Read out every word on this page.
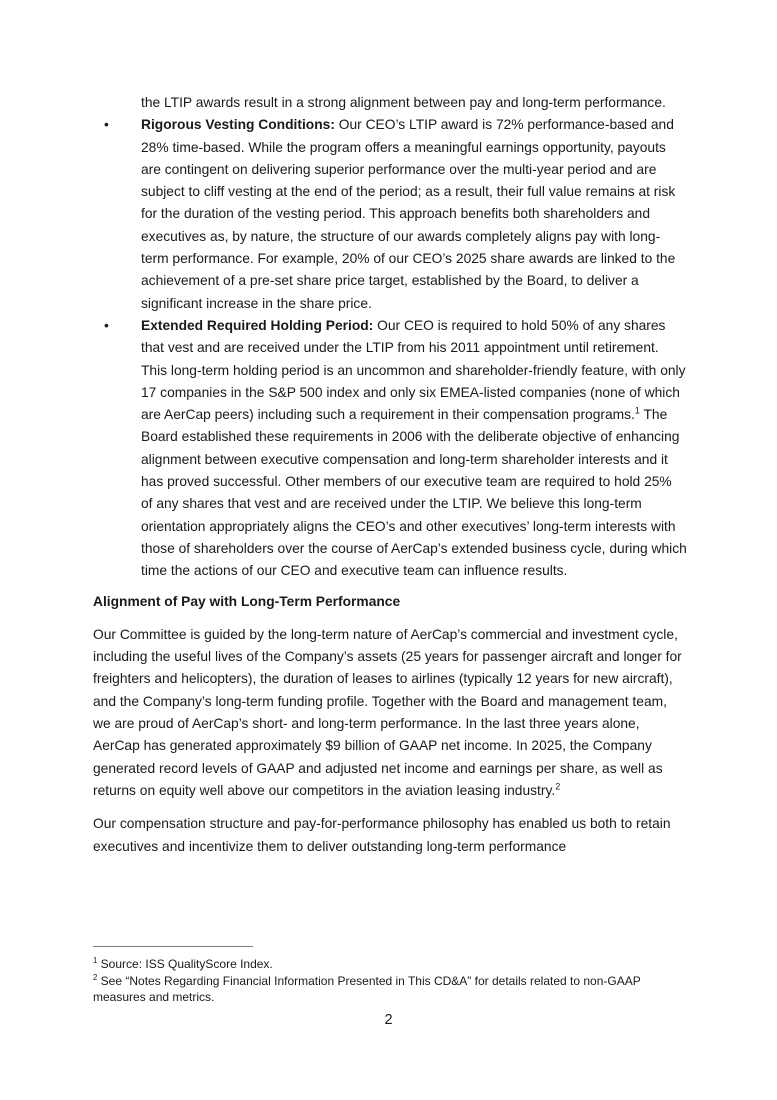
the LTIP awards result in a strong alignment between pay and long-term performance.
• Rigorous Vesting Conditions: Our CEO’s LTIP award is 72% performance-based and 28% time-based. While the program offers a meaningful earnings opportunity, payouts are contingent on delivering superior performance over the multi-year period and are subject to cliff vesting at the end of the period; as a result, their full value remains at risk for the duration of the vesting period. This approach benefits both shareholders and executives as, by nature, the structure of our awards completely aligns pay with long-term performance. For example, 20% of our CEO’s 2025 share awards are linked to the achievement of a pre-set share price target, established by the Board, to deliver a significant increase in the share price.
• Extended Required Holding Period: Our CEO is required to hold 50% of any shares that vest and are received under the LTIP from his 2011 appointment until retirement. This long-term holding period is an uncommon and shareholder-friendly feature, with only 17 companies in the S&P 500 index and only six EMEA-listed companies (none of which are AerCap peers) including such a requirement in their compensation programs.$^1$ The Board established these requirements in 2006 with the deliberate objective of enhancing alignment between executive compensation and long-term shareholder interests and it has proved successful. Other members of our executive team are required to hold 25% of any shares that vest and are received under the LTIP. We believe this long-term orientation appropriately aligns the CEO’s and other executives’ long-term interests with those of shareholders over the course of AerCap’s extended business cycle, during which time the actions of our CEO and executive team can influence results.
Alignment of Pay with Long-Term Performance
Our Committee is guided by the long-term nature of AerCap’s commercial and investment cycle, including the useful lives of the Company’s assets (25 years for passenger aircraft and longer for freighters and helicopters), the duration of leases to airlines (typically 12 years for new aircraft), and the Company’s long-term funding profile. Together with the Board and management team, we are proud of AerCap’s short- and long-term performance. In the last three years alone, AerCap has generated approximately $9 billion of GAAP net income. In 2025, the Company generated record levels of GAAP and adjusted net income and earnings per share, as well as returns on equity well above our competitors in the aviation leasing industry.$^2$
Our compensation structure and pay-for-performance philosophy has enabled us both to retain executives and incentivize them to deliver outstanding long-term performance
$^1$ Source: ISS QualityScore Index.
$^2$ See “Notes Regarding Financial Information Presented in This CD&A” for details related to non-GAAP measures and metrics.
2
